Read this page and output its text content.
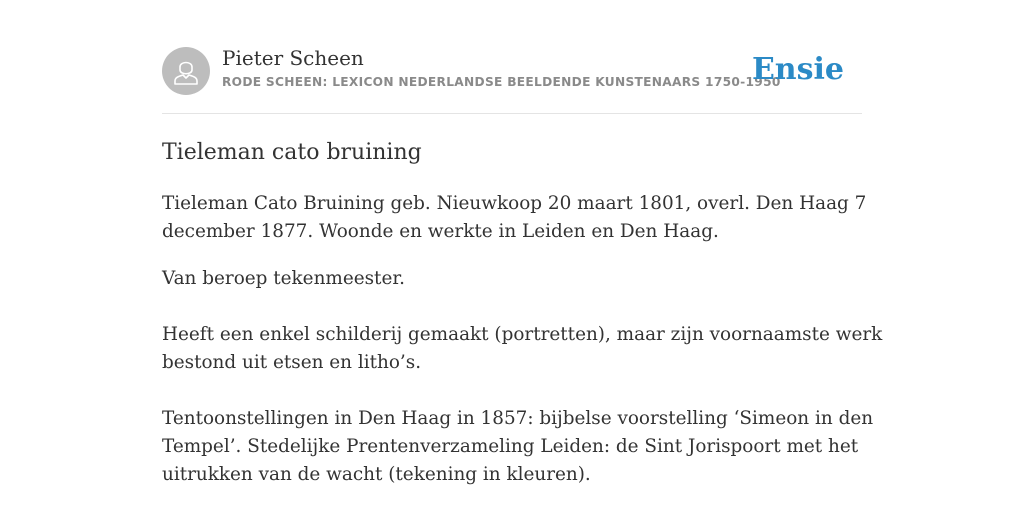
Pieter Scheen
RODE SCHEEN: LEXICON NEDERLANDSE BEELDENDE KUNSTENAARS 1750-1950
Ensie
Tieleman cato bruining

Tieleman Cato Bruining geb. Nieuwkoop 20 maart 1801, overl. Den Haag 7

december 1877. Woonde en werkte in Leiden en Den Haag.

Van beroep tekenmeester.

Heeft een enkel schilderij gemaakt (portretten), maar zijn voornaamste werk

bestond uit etsen en litho’s.

Tentoonstellingen in Den Haag in 1857: bijbelse voorstelling ‘Simeon in den

Tempel’. Stedelijke Prentenverzameling Leiden: de Sint Jorispoort met het

uitrukken van de wacht (tekening in kleuren).
